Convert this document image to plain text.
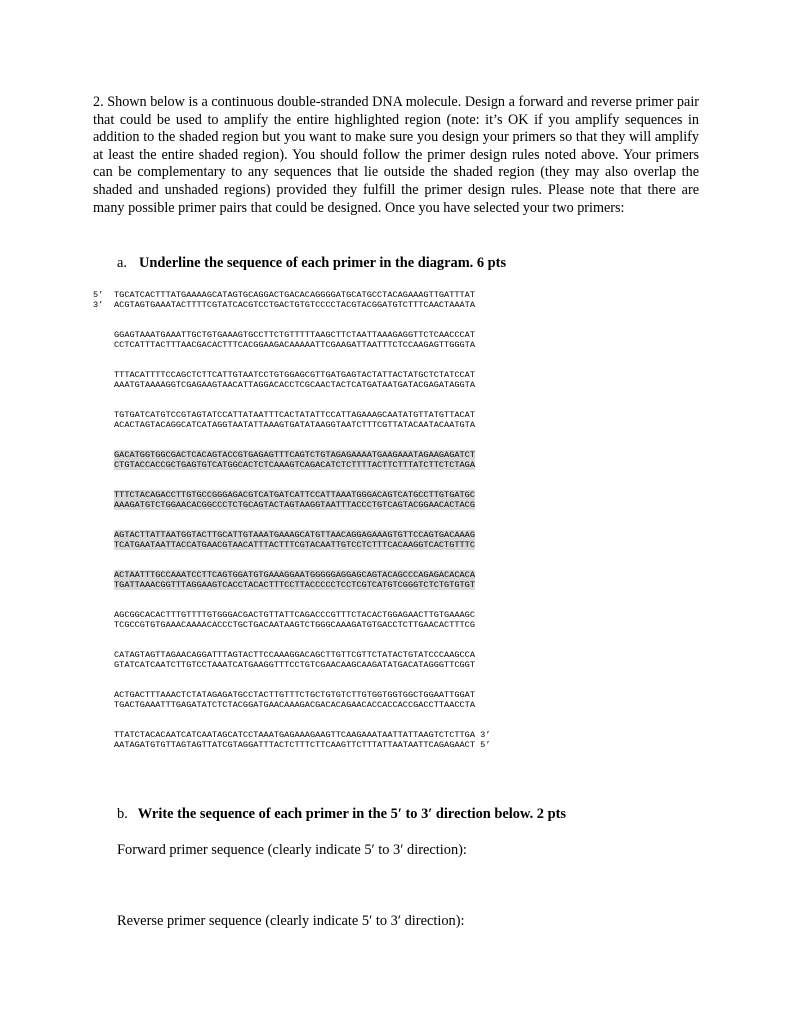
2. Shown below is a continuous double-stranded DNA molecule. Design a forward and reverse primer pair that could be used to amplify the entire highlighted region (note: it’s OK if you amplify sequences in addition to the shaded region but you want to make sure you design your primers so that they will amplify at least the entire shaded region). You should follow the primer design rules noted above. Your primers can be complementary to any sequences that lie outside the shaded region (they may also overlap the shaded and unshaded regions) provided they fulfill the primer design rules. Please note that there are many possible primer pairs that could be designed. Once you have selected your two primers:

a. Underline the sequence of each primer in the diagram. 6 pts

5’ TGCATCACTTTATGAAAAGCATAGTGCAGGACTGACACAGGGGATGCATGCCTACAGAAAGTTGATTTAT
3’ ACGTAGTGAAATACTTTTCGTATCACGTCCTGACTGTGTCCCCTACGTACGGATGTCTTTCAACTAAATA
GGAGTAAATGAAATTGCTGTGAAAGTGCCTTCTGTTTTTAAGCTTCTAATTAAAGAGGTTCTCAACCCAT
CCTCATTTACTTTAACGACACTTTCACGGAAGACAAAAATTCGAAGATTAATTTCTCCAAGAGTTGGGTA
TTTACATTTTCCAGCTCTTCATTGTAATCCTGTGGAGCGTTGATGAGTACTATTACTATGCTCTATCCAT
AAATGTAAAAGGTCGAGAAGTAACATTAGGACACCTCGCAACTACTCATGATAATGATACGAGATAGGTA
TGTGATCATGTCCGTAGTATCCATTATAATTTCACTATATTCCATTAGAAAGCAATATGTTATGTTACAT
ACACTAGTACAGGCATCATAGGTAATATTAAAGTGATATAAGGTAATCTTTCGTTATACAATACAATGTA
GACATGGTGGCGACTCACAGTACCGTGAGAGTTTCAGTCTGTAGAGAAAATGAAGAAATAGAAGAGATCT
CTGTACCACCGCTGAGTGTCATGGCACTCTCAAAGTCAGACATCTCTTTTACTTCTTTATCTTCTCTAGA
TTTCTACAGACCTTGTGCCGGGAGACGTCATGATCATTCCATTAAATGGGACAGTCATGCCTTGTGATGC
AAAGATGTCTGGAACACGGCCCTCTGCAGTACTAGTAAGGTAATTTACCCTGTCAGTACGGAACACTACG
AGTACTTATTAATGGTACTTGCATTGTAAATGAAAGCATGTTAACAGGAGAAAGTGTTCCAGTGACAAAG
TCATGAATAATTACCATGAACGTAACATTTACTTTCGTACAATTGTCCTCTTTCACAAGGTCACTGTTTC
ACTAATTTGCCAAATCCTTCAGTGGATGTGAAAGGAATGGGGGAGGAGCAGTACAGCCCAGAGACACACA
TGATTAAACGGTTTAGGAAGTCACCTACACTTTCCTTACCCCCTCCTCGTCATGTCGGGTCTCTGTGTGT
AGCGGCACACTTTGTTTTGTGGGACGACTGTTATTCAGACCCGTTTCTACACTGGAGAACTTGTGAAAGC
TCGCCGTGTGAAACAAAACACCCTGCTGACAATAAGTCTGGGCAAAGATGTGACCTCTTGAACACTTTCG
CATAGTAGTTAGAACAGGATTTAGTACTTCCAAAGGACAGCTTGTTCGTTCTATACTGTATCCCAAGCCA
GTATCATCAATCTTGTCCTAAATCATGAAGGTTTCCTGTCGAACAAGCAAGATATGACATAGGGTTCGGT
ACTGACTTTAAACTCTATAGAGATGCCTACTTGTTTCTGCTGTGTCTTGTGGTGGTGGCTGGAATTGGAT
TGACTGAAATTTGAGATATCTCTACGGATGAACAAAGACGACACAGAACACCACCACCGACCTTAACCTA
TTATCTACACAATCATCAATAGCATCCTAAATGAGAAAGAAGTTCAAGAAATAATTATTAAGTCTCTTGA 3’
AATAGATGTGTTAGTAGTTATCGTAGGATTTACTCTTTCTTCAAGTTCTTTATTAATAATTCAGAGAACT 5’

b. Write the sequence of each primer in the 5′ to 3′ direction below. 2 pts

Forward primer sequence (clearly indicate 5′ to 3′ direction):

Reverse primer sequence (clearly indicate 5′ to 3′ direction):
